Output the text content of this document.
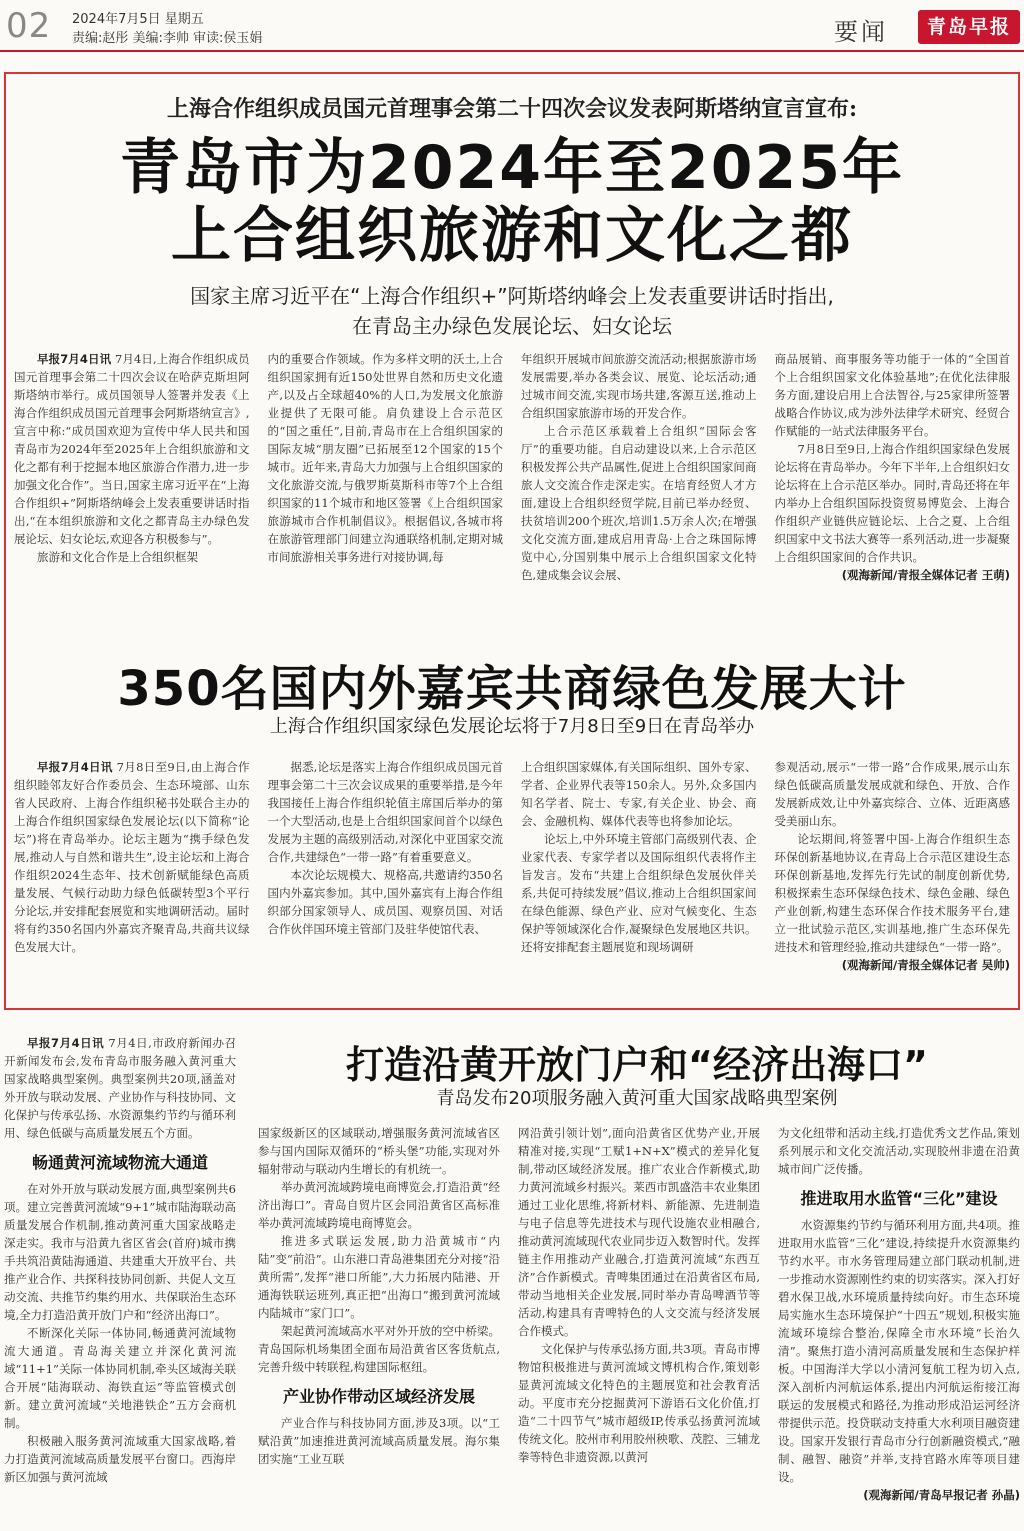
02 2024年7月5日 星期五
责编:赵彤 美编:李帅 审读:侯玉娟	要闻	青岛早报
上海合作组织成员国元首理事会第二十四次会议发表阿斯塔纳宣言宣布:
青岛市为2024年至2025年
上合组织旅游和文化之都
国家主席习近平在“上海合作组织+”阿斯塔纳峰会上发表重要讲话时指出,
在青岛主办绿色发展论坛、妇女论坛

早报7月4日讯 7月4日,上海合作组织成员国元首理事会第二十四次会议在哈萨克斯坦阿斯塔纳市举行。成员国领导人签署并发表《上海合作组织成员国元首理事会阿斯塔纳宣言》,宣言中称:“成员国欢迎为宣传中华人民共和国青岛市为2024年至2025年上合组织旅游和文化之都有利于挖掘本地区旅游合作潜力,进一步加强文化合作”。当日,国家主席习近平在“上海合作组织+”阿斯塔纳峰会上发表重要讲话时指出,“在本组织旅游和文化之都青岛主办绿色发展论坛、妇女论坛,欢迎各方积极参与”。

旅游和文化合作是上合组织框架

内的重要合作领域。作为多样文明的沃土,上合组织国家拥有近150处世界自然和历史文化遗产,以及占全球超40%的人口,为发展文化旅游业提供了无限可能。肩负建设上合示范区的“国之重任”,目前,青岛市在上合组织国家的国际友城“朋友圈”已拓展至12个国家的15个城市。近年来,青岛大力加强与上合组织国家的文化旅游交流,与俄罗斯莫斯科市等7个上合组织国家的11个城市和地区签署《上合组织国家旅游城市合作机制倡议》。根据倡议,各城市将在旅游管理部门间建立沟通联络机制,定期对城市间旅游相关事务进行对接协调,每

年组织开展城市间旅游交流活动;根据旅游市场发展需要,举办各类会议、展览、论坛活动;通过城市间交流,实现市场共建,客源互送,推动上合组织国家旅游市场的开发合作。

上合示范区承载着上合组织“国际会客厅”的重要功能。自启动建设以来,上合示范区积极发挥公共产品属性,促进上合组织国家间商旅人文交流合作走深走实。在培育经贸人才方面,建设上合组织经贸学院,目前已举办经贸、扶贫培训200个班次,培训1.5万余人次;在增强文化交流方面,建成启用青岛·上合之珠国际博览中心,分国别集中展示上合组织国家文化特色,建成集会议会展、

商品展销、商事服务等功能于一体的“全国首个上合组织国家文化体验基地”;在优化法律服务方面,建设启用上合法智谷,与25家律所签署战略合作协议,成为涉外法律学术研究、经贸合作赋能的一站式法律服务平台。

7月8日至9日,上海合作组织国家绿色发展论坛将在青岛举办。今年下半年,上合组织妇女论坛将在上合示范区举办。同时,青岛还将在年内举办上合组织国际投资贸易博览会、上海合作组织产业链供应链论坛、上合之夏、上合组织国家中文书法大赛等一系列活动,进一步凝聚上合组织国家间的合作共识。

(观海新闻/青报全媒体记者 王萌)
350名国内外嘉宾共商绿色发展大计
上海合作组织国家绿色发展论坛将于7月8日至9日在青岛举办

早报7月4日讯 7月8日至9日,由上海合作组织睦邻友好合作委员会、生态环境部、山东省人民政府、上海合作组织秘书处联合主办的上海合作组织国家绿色发展论坛(以下简称“论坛”)将在青岛举办。论坛主题为“携手绿色发展,推动人与自然和谐共生”,设主论坛和上海合作组织2024生态年、技术创新赋能绿色高质量发展、气候行动助力绿色低碳转型3个平行分论坛,并安排配套展览和实地调研活动。届时将有约350名国内外嘉宾齐聚青岛,共商共议绿色发展大计。

据悉,论坛是落实上海合作组织成员国元首理事会第二十三次会议成果的重要举措,是今年我国接任上海合作组织轮值主席国后举办的第一个大型活动,也是上合组织国家间首个以绿色发展为主题的高级别活动,对深化中亚国家交流合作,共建绿色“一带一路”有着重要意义。

本次论坛规模大、规格高,共邀请约350名国内外嘉宾参加。其中,国外嘉宾有上海合作组织部分国家领导人、成员国、观察员国、对话合作伙伴国环境主管部门及驻华使馆代表、

上合组织国家媒体,有关国际组织、国外专家、学者、企业界代表等150余人。另外,众多国内知名学者、院士、专家,有关企业、协会、商会、金融机构、媒体代表等也将参加论坛。

论坛上,中外环境主管部门高级别代表、企业家代表、专家学者以及国际组织代表将作主旨发言。发布“共建上合组织绿色发展伙伴关系,共促可持续发展”倡议,推动上合组织国家间在绿色能源、绿色产业、应对气候变化、生态保护等领域深化合作,凝聚绿色发展地区共识。还将安排配套主题展览和现场调研

参观活动,展示“一带一路”合作成果,展示山东绿色低碳高质量发展成就和绿色、开放、合作发展新成效,让中外嘉宾综合、立体、近距离感受美丽山东。

论坛期间,将签署中国-上海合作组织生态环保创新基地协议,在青岛上合示范区建设生态环保创新基地,发挥先行先试的制度创新优势,积极探索生态环保绿色技术、绿色金融、绿色产业创新,构建生态环保合作技术服务平台,建立一批试验示范区,实训基地,推广生态环保先进技术和管理经验,推动共建绿色“一带一路”。

(观海新闻/青报全媒体记者 吴帅)
打造沿黄开放门户和“经济出海口”
青岛发布20项服务融入黄河重大国家战略典型案例

早报7月4日讯 7月4日,市政府新闻办召开新闻发布会,发布青岛市服务融入黄河重大国家战略典型案例。典型案例共20项,涵盖对外开放与联动发展、产业协作与科技协同、文化保护与传承弘扬、水资源集约节约与循环利用、绿色低碳与高质量发展五个方面。

畅通黄河流域物流大通道

在对外开放与联动发展方面,典型案例共6项。建立完善黄河流域“9+1”城市陆海联动高质量发展合作机制,推动黄河重大国家战略走深走实。我市与沿黄九省区省会(首府)城市携手共筑沿黄陆海通道、共建重大开放平台、共推产业合作、共探科技协同创新、共促人文互动交流、共推节约集约用水、共保联治生态环境,全力打造沿黄开放门户和“经济出海口”。

不断深化关际一体协同,畅通黄河流域物流大通道。青岛海关建立并深化黄河流域“11+1”关际一体协同机制,牵头区域海关联合开展“陆海联动、海铁直运”等监管模式创新。建立黄河流域“关地港铁企”五方会商机制。

积极融入服务黄河流域重大国家战略,着力打造黄河流域高质量发展平台窗口。西海岸新区加强与黄河流域

国家级新区的区域联动,增强服务黄河流域省区参与国内国际双循环的“桥头堡”功能,实现对外辐射带动与联动内生增长的有机统一。

举办黄河流域跨境电商博览会,打造沿黄“经济出海口”。青岛自贸片区会同沿黄省区高标准举办黄河流域跨境电商博览会。

推进多式联运发展,助力沿黄城市“内陆”变“前沿”。山东港口青岛港集团充分对接“沿黄所需”,发挥“港口所能”,大力拓展内陆港、开通海铁联运班列,真正把“出海口”搬到黄河流域内陆城市“家门口”。

架起黄河流域高水平对外开放的空中桥梁。青岛国际机场集团全面布局沿黄省区客货航点,完善升级中转联程,构建国际枢纽。

产业协作带动区域经济发展

产业合作与科技协同方面,涉及3项。以“工赋沿黄”加速推进黄河流域高质量发展。海尔集团实施“工业互联

网沿黄引领计划”,面向沿黄省区优势产业,开展精准对接,实现“工赋1+N+X”模式的差异化复制,带动区域经济发展。推广农业合作新模式,助力黄河流域乡村振兴。莱西市凯盛浩丰农业集团通过工业化思维,将新材料、新能源、先进制造与电子信息等先进技术与现代设施农业相融合,推动黄河流域现代农业同步迈入数智时代。发挥链主作用推动产业融合,打造黄河流域“东西互济”合作新模式。青啤集团通过在沿黄省区布局,带动当地相关企业发展,同时举办青岛啤酒节等活动,构建具有青啤特色的人文交流与经济发展合作模式。

文化保护与传承弘扬方面,共3项。青岛市博物馆积极推进与黄河流域文博机构合作,策划彰显黄河流域文化特色的主题展览和社会教育活动。平度市充分挖掘黄河下游语石文化价值,打造“二十四节气”城市超级IP,传承弘扬黄河流域传统文化。胶州市利用胶州秧歌、茂腔、三辅龙拳等特色非遗资源,以黄河

为文化纽带和活动主线,打造优秀文艺作品,策划系列展示和文化交流活动,实现胶州非遗在沿黄城市间广泛传播。

推进取用水监管“三化”建设

水资源集约节约与循环利用方面,共4项。推进取用水监管“三化”建设,持续提升水资源集约节约水平。市水务管理局建立部门联动机制,进一步推动水资源刚性约束的切实落实。深入打好碧水保卫战,水环境质量持续向好。市生态环境局实施水生态环境保护“十四五”规划,积极实施流域环境综合整治,保障全市水环境“长治久清”。聚焦打造小清河高质量发展和生态保护样板。中国海洋大学以小清河复航工程为切入点,深入剖析内河航运体系,提出内河航运衔接江海联运的发展模式和路径,为推动形成沿运河经济带提供示范。投贷联动支持重大水利项目融资建设。国家开发银行青岛市分行创新融资模式,“融制、融智、融资”并举,支持官路水库等项目建设。

(观海新闻/青岛早报记者 孙晶)
